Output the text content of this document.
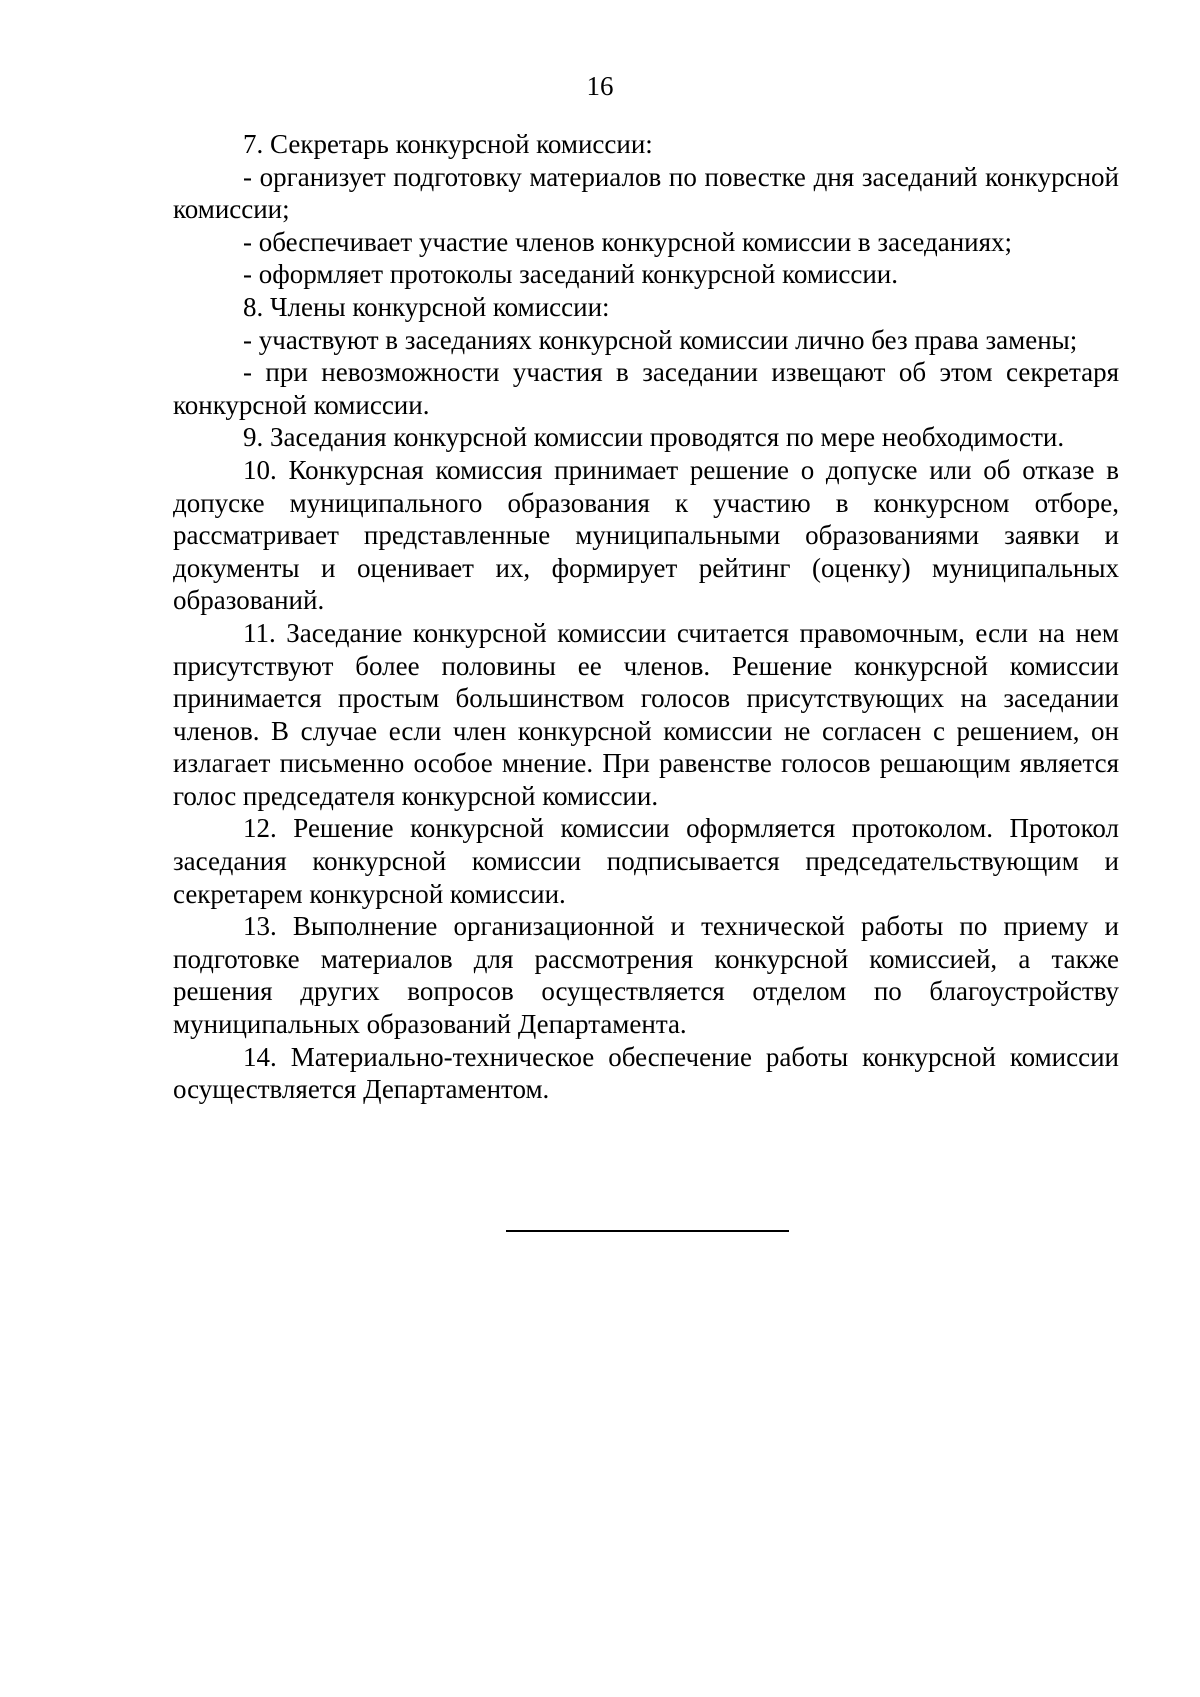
16

7. Секретарь конкурсной комиссии:

- организует подготовку материалов по повестке дня заседаний конкурсной комиссии;

- обеспечивает участие членов конкурсной комиссии в заседаниях;

- оформляет протоколы заседаний конкурсной комиссии.

8. Члены конкурсной комиссии:

- участвуют в заседаниях конкурсной комиссии лично без права замены;

- при невозможности участия в заседании извещают об этом секретаря конкурсной комиссии.

9. Заседания конкурсной комиссии проводятся по мере необходимости.

10. Конкурсная комиссия принимает решение о допуске или об отказе в допуске муниципального образования к участию в конкурсном отборе, рассматривает представленные муниципальными образованиями заявки и документы и оценивает их, формирует рейтинг (оценку) муниципальных образований.

11. Заседание конкурсной комиссии считается правомочным, если на нем присутствуют более половины ее членов. Решение конкурсной комиссии принимается простым большинством голосов присутствующих на заседании членов. В случае если член конкурсной комиссии не согласен с решением, он излагает письменно особое мнение. При равенстве голосов решающим является голос председателя конкурсной комиссии.

12. Решение конкурсной комиссии оформляется протоколом. Протокол заседания конкурсной комиссии подписывается председательствующим и секретарем конкурсной комиссии.

13. Выполнение организационной и технической работы по приему и подготовке материалов для рассмотрения конкурсной комиссией, а также решения других вопросов осуществляется отделом по благоустройству муниципальных образований Департамента.

14. Материально-техническое обеспечение работы конкурсной комиссии осуществляется Департаментом.
